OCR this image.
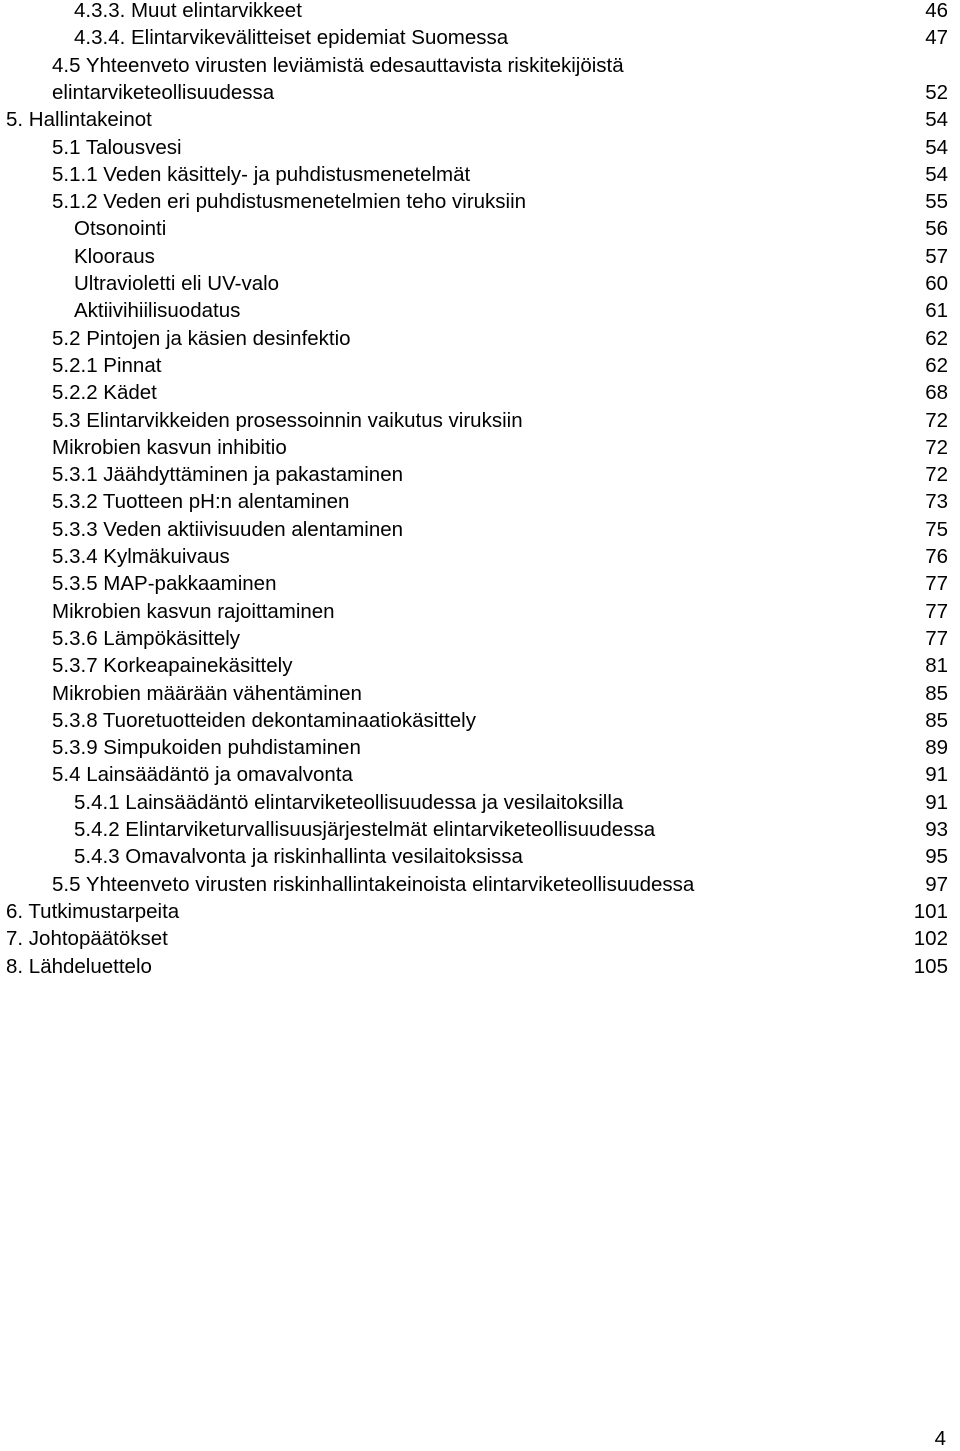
4.3.3. Muut elintarvikkeet	46
4.3.4. Elintarvikevälitteiset epidemiat Suomessa	47
4.5 Yhteenveto virusten leviämistä edesauttavista riskitekijöistä
elintarviketeollisuudessa	52
5. Hallintakeinot	54
5.1 Talousvesi	54
5.1.1 Veden käsittely- ja puhdistusmenetelmät	54
5.1.2 Veden eri puhdistusmenetelmien teho viruksiin	55
Otsonointi	56
Klooraus	57
Ultravioletti eli UV-valo	60
Aktiivihiilisuodatus	61
5.2 Pintojen ja käsien desinfektio	62
5.2.1 Pinnat	62
5.2.2 Kädet	68
5.3 Elintarvikkeiden prosessoinnin vaikutus viruksiin	72
Mikrobien kasvun inhibitio	72
5.3.1 Jäähdyttäminen ja pakastaminen	72
5.3.2 Tuotteen pH:n alentaminen	73
5.3.3 Veden aktiivisuuden alentaminen	75
5.3.4 Kylmäkuivaus	76
5.3.5 MAP-pakkaaminen	77
Mikrobien kasvun rajoittaminen	77
5.3.6 Lämpökäsittely	77
5.3.7 Korkeapainekäsittely	81
Mikrobien määrään vähentäminen	85
5.3.8 Tuoretuotteiden dekontaminaatiokäsittely	85
5.3.9 Simpukoiden puhdistaminen	89
5.4 Lainsäädäntö ja omavalvonta	91
5.4.1 Lainsäädäntö elintarviketeollisuudessa ja vesilaitoksilla	91
5.4.2 Elintarviketurvallisuusjärjestelmät elintarviketeollisuudessa	93
5.4.3 Omavalvonta ja riskinhallinta vesilaitoksissa	95
5.5 Yhteenveto virusten riskinhallintakeinoista elintarviketeollisuudessa	97
6. Tutkimustarpeita	101
7. Johtopäätökset	102
8. Lähdeluettelo	105
4
